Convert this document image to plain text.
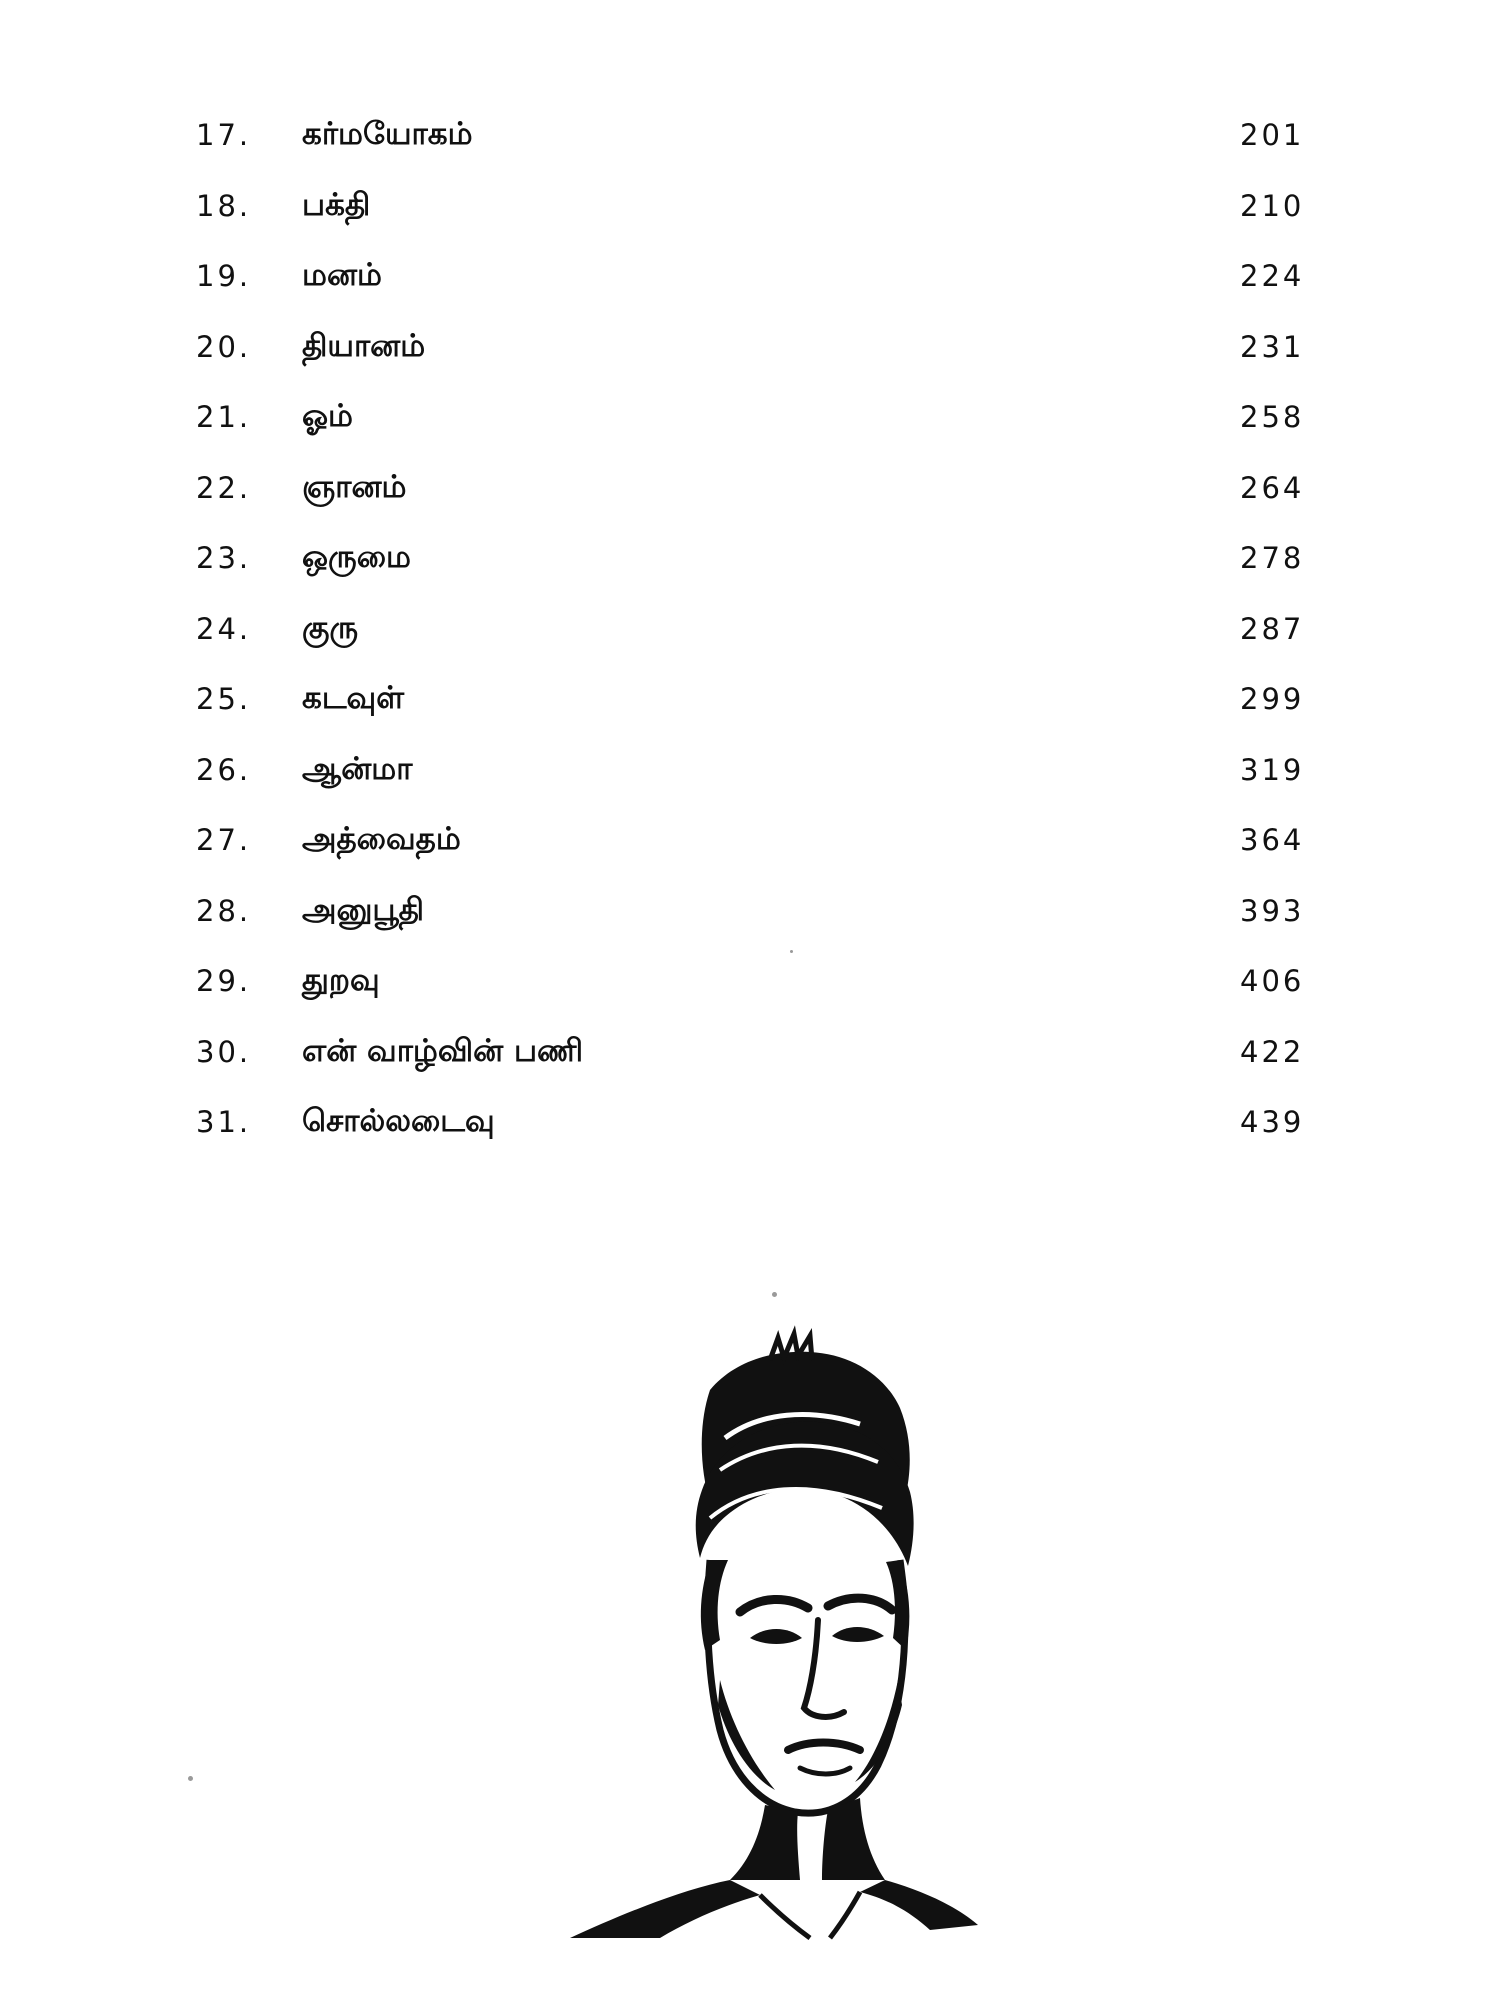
17. கர்மயோகம்	201
18. பக்தி	210
19. மனம்	224
20. தியானம்	231
21. ஓம்	258
22. ஞானம்	264
23. ஒருமை	278
24. குரு	287
25. கடவுள்	299
26. ஆன்மா	319
27. அத்வைதம்	364
28. அனுபூதி	393
29. துறவு	406
30. என் வாழ்வின் பணி	422
31. சொல்லடைவு	439
